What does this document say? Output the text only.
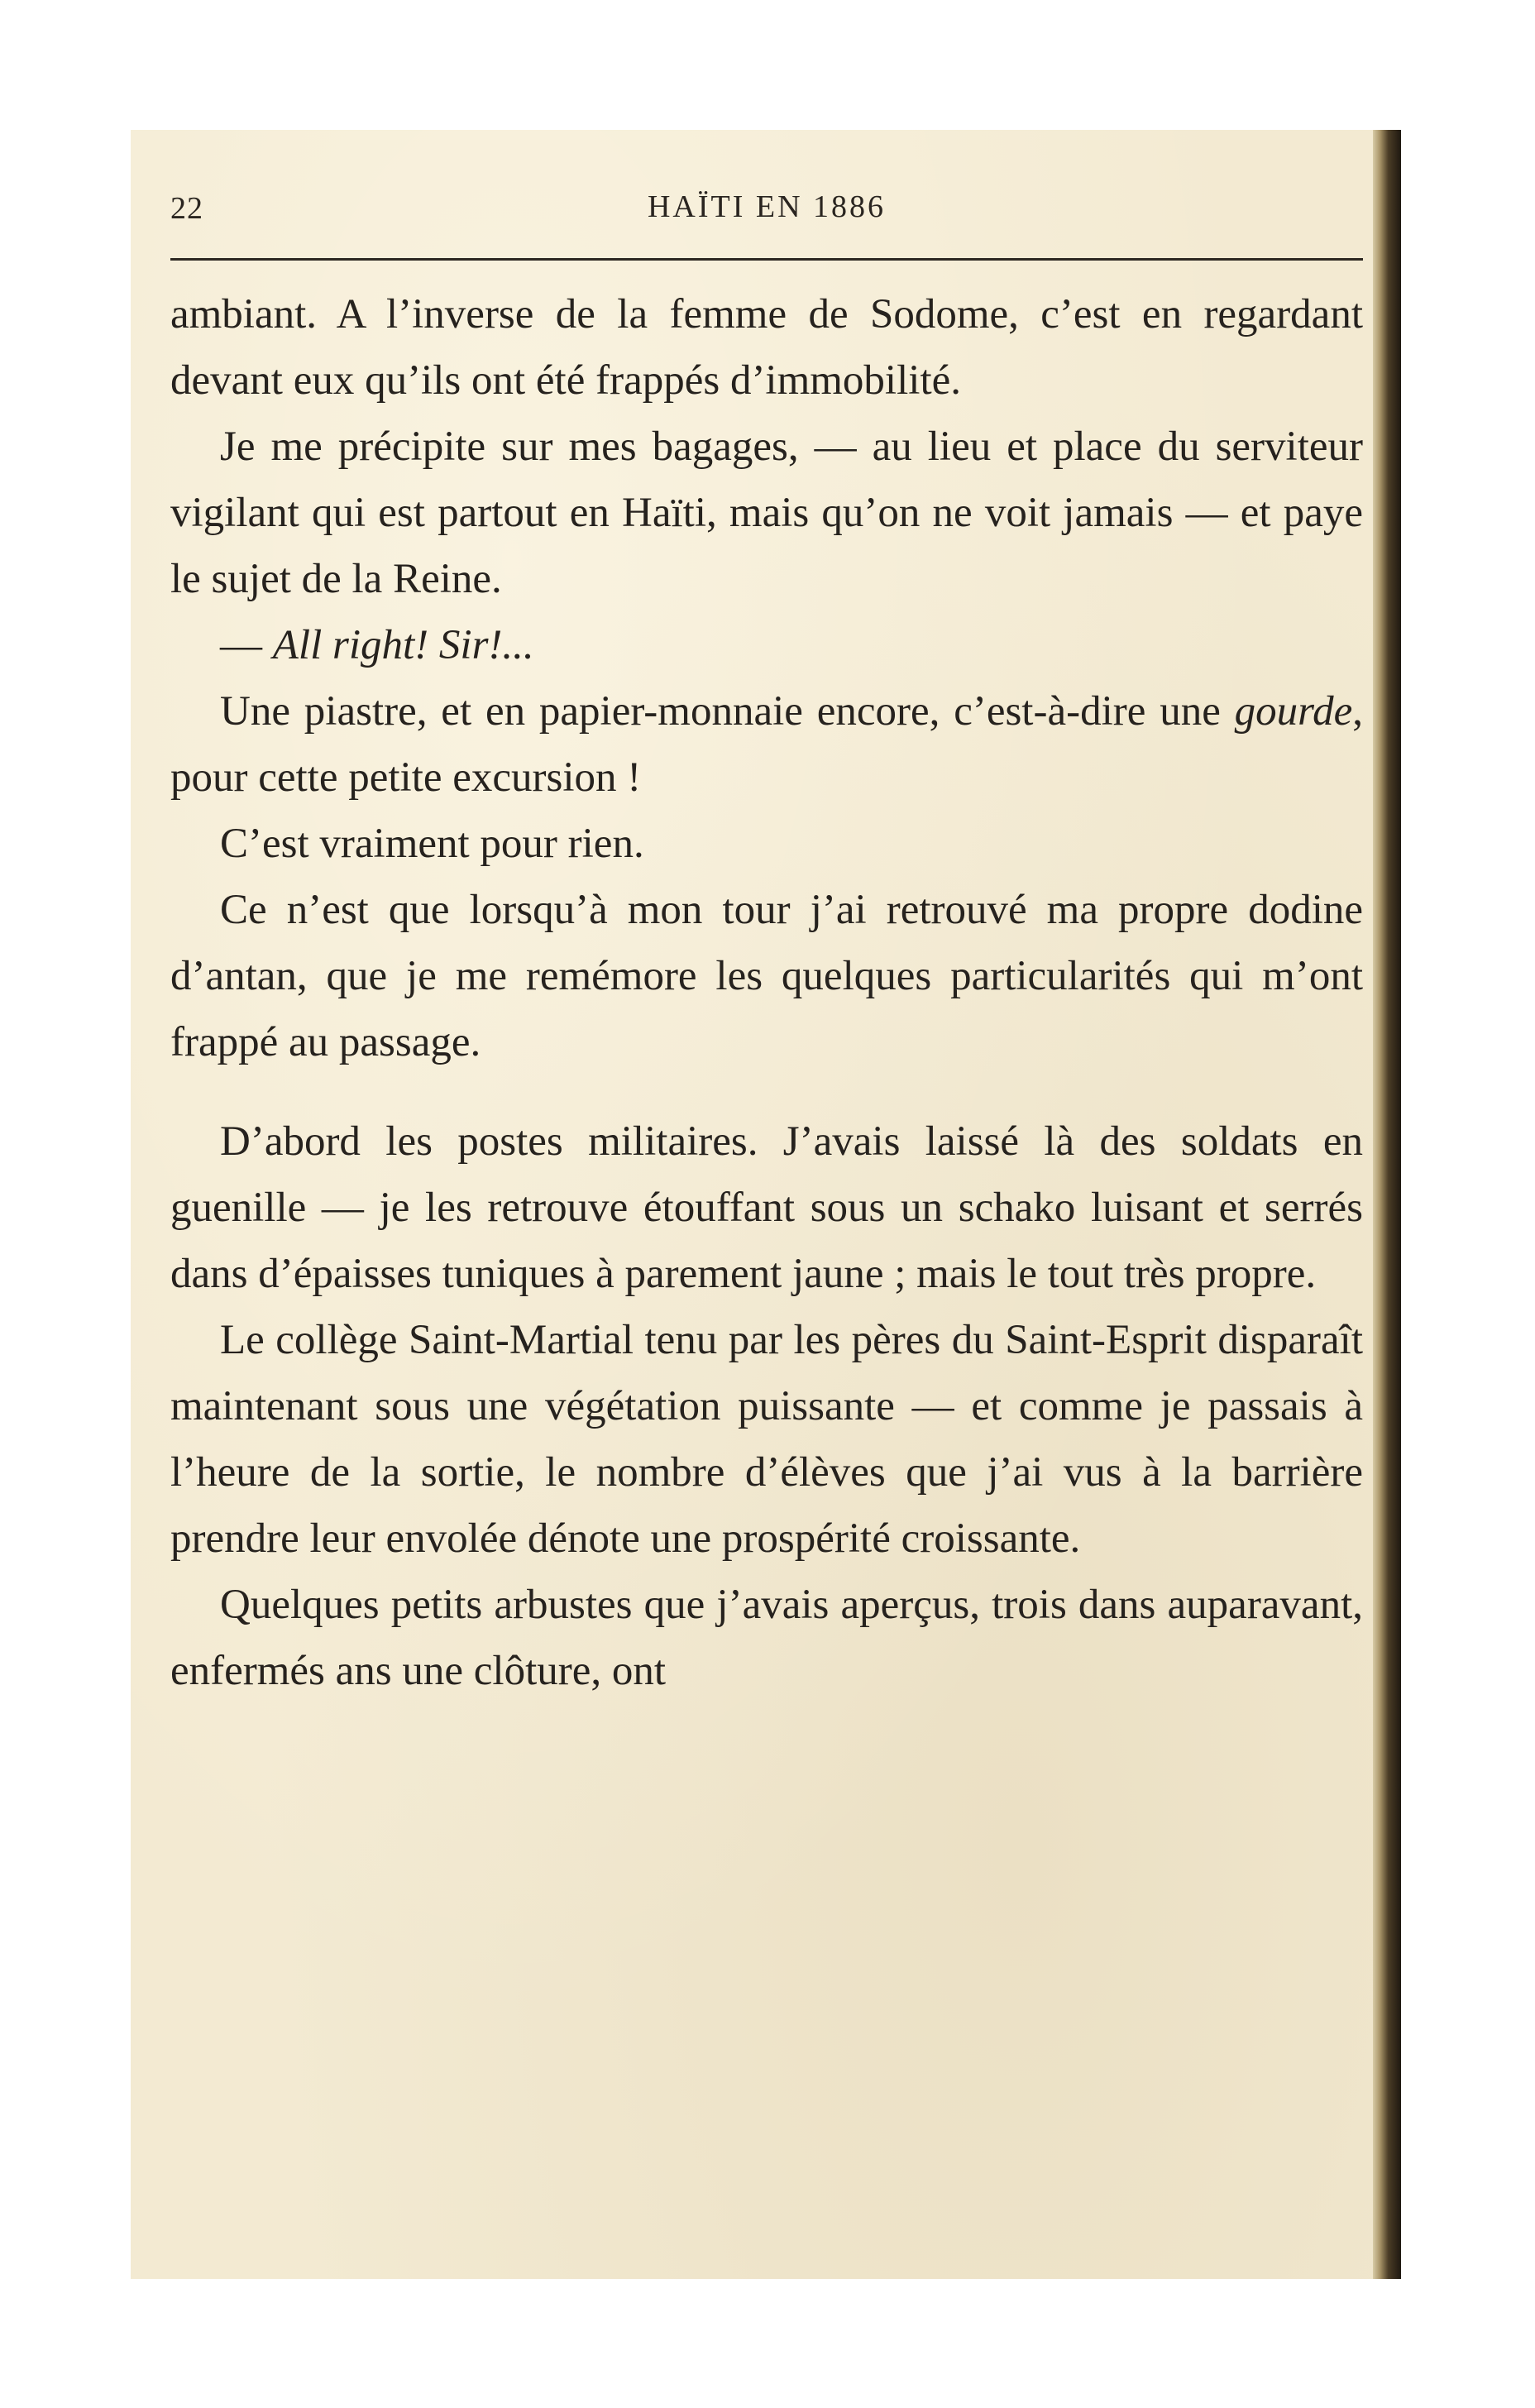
22	HAÏTI EN 1886

ambiant. A l’inverse de la femme de Sodome, c’est en regardant devant eux qu’ils ont été frappés d’immobilité.

Je me précipite sur mes bagages, — au lieu et place du serviteur vigilant qui est partout en Haïti, mais qu’on ne voit jamais — et paye le sujet de la Reine.

— All right! Sir!...

Une piastre, et en papier-monnaie encore, c’est-à-dire une gourde, pour cette petite excursion !

C’est vraiment pour rien.

Ce n’est que lorsqu’à mon tour j’ai retrouvé ma propre dodine d’antan, que je me remémore les quelques particularités qui m’ont frappé au passage.

D’abord les postes militaires. J’avais laissé là des soldats en guenille — je les retrouve étouffant sous un schako luisant et serrés dans d’épaisses tuniques à parement jaune ; mais le tout très propre.

Le collège Saint-Martial tenu par les pères du Saint-Esprit disparaît maintenant sous une végétation puissante — et comme je passais à l’heure de la sortie, le nombre d’élèves que j’ai vus à la barrière prendre leur envolée dénote une prospérité croissante.

Quelques petits arbustes que j’avais aperçus, trois dans auparavant, enfermés ans une clôture, ont
